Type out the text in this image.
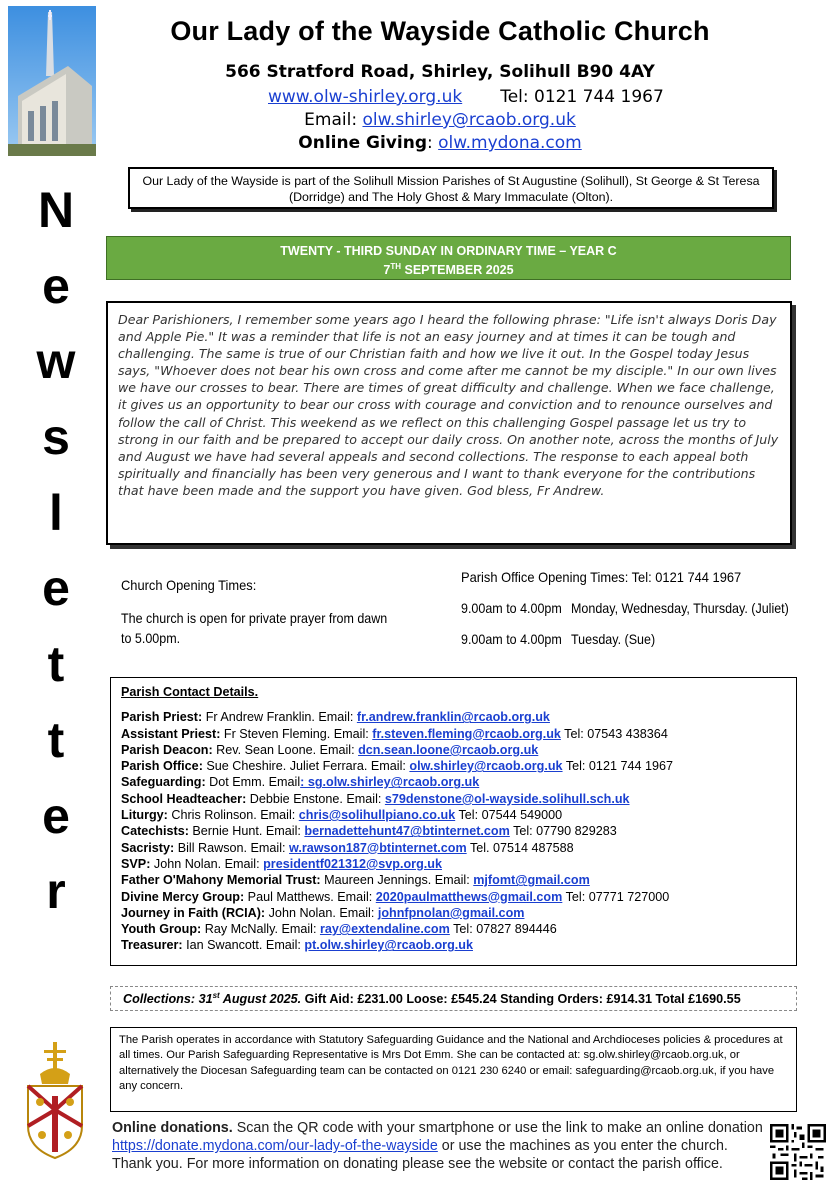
Our Lady of the Wayside Catholic Church
566 Stratford Road, Shirley, Solihull B90 4AY
www.olw-shirley.org.uk Tel: 0121 744 1967
Email: olw.shirley@rcaob.org.uk
Online Giving: olw.mydona.com
N
e
w
s
l
e
t
t
e
r
Our Lady of the Wayside is part of the Solihull Mission Parishes of St Augustine (Solihull), St George & St Teresa (Dorridge) and The Holy Ghost & Mary Immaculate (Olton).
TWENTY - THIRD SUNDAY IN ORDINARY TIME – YEAR C
7TH SEPTEMBER 2025
Dear Parishioners, I remember some years ago I heard the following phrase: "Life isn't always Doris Day and Apple Pie." It was a reminder that life is not an easy journey and at times it can be tough and challenging. The same is true of our Christian faith and how we live it out. In the Gospel today Jesus says, "Whoever does not bear his own cross and come after me cannot be my disciple." In our own lives we have our crosses to bear. There are times of great difficulty and challenge. When we face challenge, it gives us an opportunity to bear our cross with courage and conviction and to renounce ourselves and follow the call of Christ. This weekend as we reflect on this challenging Gospel passage let us try to strong in our faith and be prepared to accept our daily cross. On another note, across the months of July and August we have had several appeals and second collections. The response to each appeal both spiritually and financially has been very generous and I want to thank everyone for the contributions that have been made and the support you have given. God bless, Fr Andrew.
Church Opening Times:
The church is open for private prayer from dawn to 5.00pm.
Parish Office Opening Times: Tel: 0121 744 1967
9.00am to 4.00pm Monday, Wednesday, Thursday. (Juliet)
9.00am to 4.00pm Tuesday. (Sue)
Parish Contact Details.
Parish Priest: Fr Andrew Franklin. Email: fr.andrew.franklin@rcaob.org.uk
Assistant Priest: Fr Steven Fleming. Email: fr.steven.fleming@rcaob.org.uk Tel: 07543 438364
Parish Deacon: Rev. Sean Loone. Email: dcn.sean.loone@rcaob.org.uk
Parish Office: Sue Cheshire. Juliet Ferrara. Email: olw.shirley@rcaob.org.uk Tel: 0121 744 1967
Safeguarding: Dot Emm. Email: sg.olw.shirley@rcaob.org.uk
School Headteacher: Debbie Enstone. Email: s79denstone@ol-wayside.solihull.sch.uk
Liturgy: Chris Rolinson. Email: chris@solihullpiano.co.uk Tel: 07544 549000
Catechists: Bernie Hunt. Email: bernadettehunt47@btinternet.com Tel: 07790 829283
Sacristy: Bill Rawson. Email: w.rawson187@btinternet.com Tel. 07514 487588
SVP: John Nolan. Email: presidentf021312@svp.org.uk
Father O'Mahony Memorial Trust: Maureen Jennings. Email: mjfomt@gmail.com
Divine Mercy Group: Paul Matthews. Email: 2020paulmatthews@gmail.com Tel: 07771 727000
Journey in Faith (RCIA): John Nolan. Email: johnfpnolan@gmail.com
Youth Group: Ray McNally. Email: ray@extendaline.com Tel: 07827 894446
Treasurer: Ian Swancott. Email: pt.olw.shirley@rcaob.org.uk
Collections: 31st August 2025. Gift Aid: £231.00 Loose: £545.24 Standing Orders: £914.31 Total £1690.55
The Parish operates in accordance with Statutory Safeguarding Guidance and the National and Archdioceses policies & procedures at all times. Our Parish Safeguarding Representative is Mrs Dot Emm. She can be contacted at: sg.olw.shirley@rcaob.org.uk, or alternatively the Diocesan Safeguarding team can be contacted on 0121 230 6240 or email: safeguarding@rcaob.org.uk, if you have any concern.
Online donations. Scan the QR code with your smartphone or use the link to make an online donation https://donate.mydona.com/our-lady-of-the-wayside or use the machines as you enter the church. Thank you. For more information on donating please see the website or contact the parish office.
